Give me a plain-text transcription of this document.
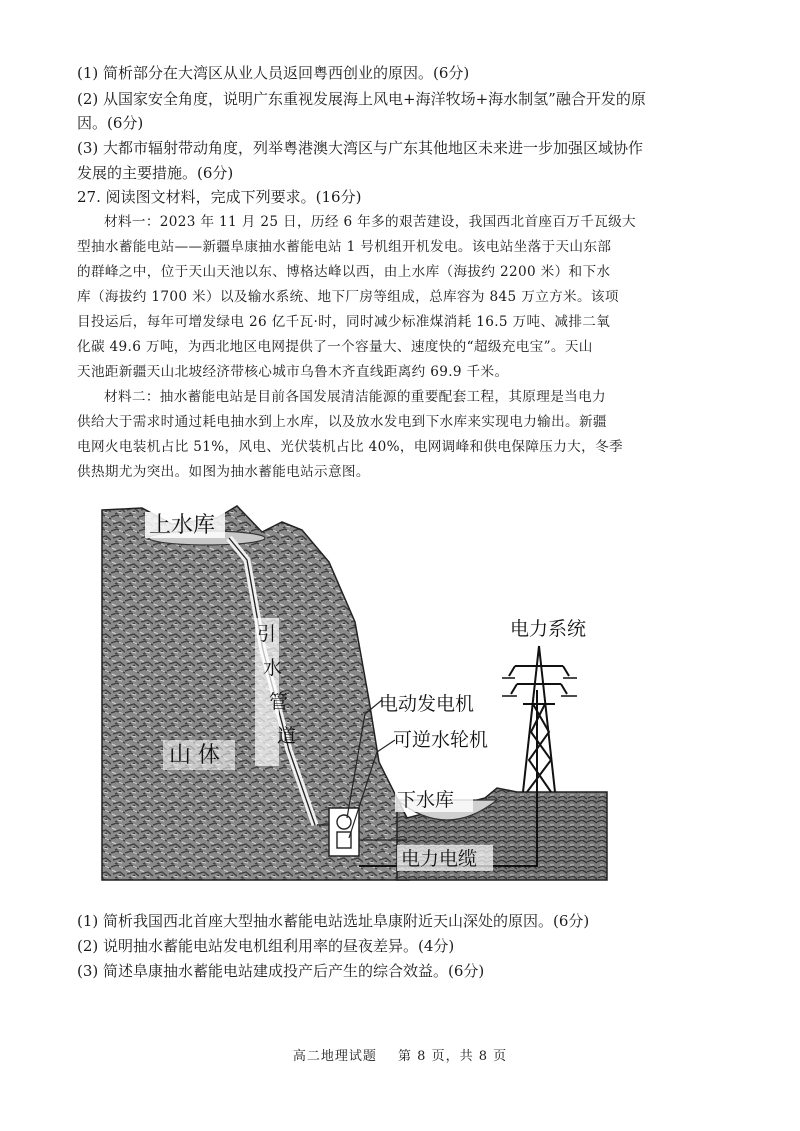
(1) 简析部分在大湾区从业人员返回粤西创业的原因。(6分)
(2) 从国家安全角度，说明广东重视发展海上风电+海洋牧场+海水制氢”融合开发的原
因。(6分)
(3) 大都市辐射带动角度，列举粤港澳大湾区与广东其他地区未来进一步加强区域协作
发展的主要措施。(6分)
27. 阅读图文材料，完成下列要求。(16分)
材料一：2023 年 11 月 25 日，历经 6 年多的艰苦建设，我国西北首座百万千瓦级大
型抽水蓄能电站——新疆阜康抽水蓄能电站 1 号机组开机发电。该电站坐落于天山东部
的群峰之中，位于天山天池以东、博格达峰以西，由上水库（海拔约 2200 米）和下水
库（海拔约 1700 米）以及输水系统、地下厂房等组成，总库容为 845 万立方米。该项
目投运后，每年可增发绿电 26 亿千瓦·时，同时减少标准煤消耗 16.5 万吨、减排二氧
化碳 49.6 万吨，为西北地区电网提供了一个容量大、速度快的“超级充电宝”。天山
天池距新疆天山北坡经济带核心城市乌鲁木齐直线距离约 69.9 千米。
材料二：抽水蓄能电站是目前各国发展清洁能源的重要配套工程，其原理是当电力
供给大于需求时通过耗电抽水到上水库，以及放水发电到下水库来实现电力输出。新疆
电网火电装机占比 51%，风电、光伏装机占比 40%，电网调峰和供电保障压力大，冬季
供热期尤为突出。如图为抽水蓄能电站示意图。
上水库
引
水
管
道
山 体
电动发电机
可逆水轮机
下水库
电力电缆
电力系统
(1) 简析我国西北首座大型抽水蓄能电站选址阜康附近天山深处的原因。(6分)
(2) 说明抽水蓄能电站发电机组利用率的昼夜差异。(4分)
(3) 简述阜康抽水蓄能电站建成投产后产生的综合效益。(6分)
高二地理试题 第 8 页，共 8 页
